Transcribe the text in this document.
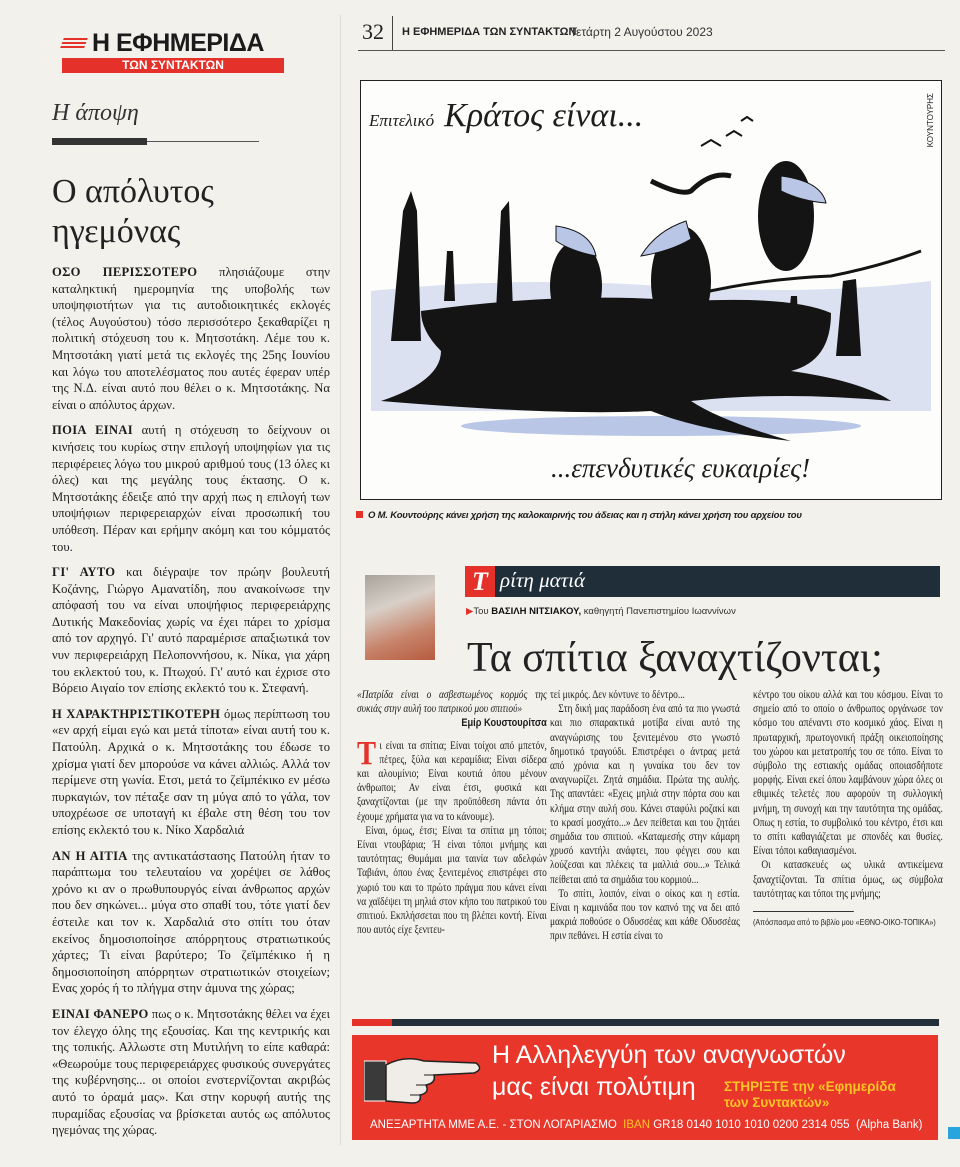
Η ΕΦΗΜΕΡΙΔΑ
ΤΩΝ ΣΥΝΤΑΚΤΩΝ
Η άποψη
Ο απόλυτος ηγεμόνας

ΟΣΟ ΠΕΡΙΣΣΟΤΕΡΟ πλησιάζουμε στην καταληκτική ημερομηνία της υποβολής των υποψηφιοτήτων για τις αυτοδιοικητικές εκλογές (τέλος Αυγούστου) τόσο περισσότερο ξεκαθαρίζει η πολιτική στόχευση του κ. Μητσοτάκη. Λέμε του κ. Μητσοτάκη γιατί μετά τις εκλογές της 25ης Ιουνίου και λόγω του αποτελέσματος που αυτές έφεραν υπέρ της Ν.Δ. είναι αυτό που θέλει ο κ. Μητσοτάκης. Να είναι ο απόλυτος άρχων.

ΠΟΙΑ ΕΙΝΑΙ αυτή η στόχευση το δείχνουν οι κινήσεις του κυρίως στην επιλογή υποψηφίων για τις περιφέρειες λόγω του μικρού αριθμού τους (13 όλες κι όλες) και της μεγάλης τους έκτασης. Ο κ. Μητσοτάκης έδειξε από την αρχή πως η επιλογή των υποψήφιων περιφερειαρχών είναι προσωπική του υπόθεση. Πέραν και ερήμην ακόμη και του κόμματός του.

ΓΙ' ΑΥΤΟ και διέγραψε τον πρώην βουλευτή Κοζάνης, Γιώργο Αμανατίδη, που ανακοίνωσε την απόφασή του να είναι υποψήφιος περιφερειάρχης Δυτικής Μακεδονίας χωρίς να έχει πάρει το χρίσμα από τον αρχηγό. Γι' αυτό παραμέρισε απαξιωτικά τον νυν περιφερειάρχη Πελοποννήσου, κ. Νίκα, για χάρη του εκλεκτού του, κ. Πτωχού. Γι' αυτό και έχρισε στο Βόρειο Αιγαίο τον επίσης εκλεκτό του κ. Στεφανή.

Η ΧΑΡΑΚΤΗΡΙΣΤΙΚΟΤΕΡΗ όμως περίπτωση του «εν αρχή είμαι εγώ και μετά τίποτα» είναι αυτή του κ. Πατούλη. Αρχικά ο κ. Μητσοτάκης του έδωσε το χρίσμα γιατί δεν μπορούσε να κάνει αλλιώς. Αλλά τον περίμενε στη γωνία. Ετσι, μετά το ζεϊμπέκικο εν μέσω πυρκαγιών, τον πέταξε σαν τη μύγα από το γάλα, τον υποχρέωσε σε υποταγή κι έβαλε στη θέση του τον επίσης εκλεκτό του κ. Νίκο Χαρδαλιά

ΑΝ Η ΑΙΤΙΑ της αντικατάστασης Πατούλη ήταν το παράπτωμα του τελευταίου να χορέψει σε λάθος χρόνο κι αν ο πρωθυπουργός είναι άνθρωπος αρχών που δεν σηκώνει... μύγα στο σπαθί του, τότε γιατί δεν έστειλε και τον κ. Χαρδαλιά στο σπίτι του όταν εκείνος δημοσιοποίησε απόρρητους στρατιωτικούς χάρτες; Τι είναι βαρύτερο; Το ζεϊμπέκικο ή η δημοσιοποίηση απόρρητων στρατιωτικών στοιχείων; Ενας χορός ή το πλήγμα στην άμυνα της χώρας;

ΕΙΝΑΙ ΦΑΝΕΡΟ πως ο κ. Μητσοτάκης θέλει να έχει τον έλεγχο όλης της εξουσίας. Και της κεντρικής και της τοπικής. Αλλωστε στη Μυτιλήνη το είπε καθαρά: «Θεωρούμε τους περιφερειάρχες φυσικούς συνεργάτες της κυβέρνησης... οι οποίοι ενστερνίζονται ακριβώς αυτό το όραμά μας». Και στην κορυφή αυτής της πυραμίδας εξουσίας να βρίσκεται αυτός ως απόλυτος ηγεμόνας της χώρας.

32 Η ΕΦΗΜΕΡΙΔΑ ΤΩΝ ΣΥΝΤΑΚΤΩΝ
Τετάρτη 2 Αυγούστου 2023
Επιτελικό Κράτος είναι...
...επενδυτικές ευκαιρίες!
ΚΟΥΝΤΟΥΡΗΣ
Ο Μ. Κουντούρης κάνει χρήση της καλοκαιρινής του άδειας και η στήλη κάνει χρήση του αρχείου του
Τ ρίτη ματιά
▶Του ΒΑΣΙΛΗ ΝΙΤΣΙΑΚΟΥ, καθηγητή Πανεπιστημίου Ιωαννίνων
Τα σπίτια ξαναχτίζονται;

«Πατρίδα είναι ο ασβεστωμένος κορμός της συκιάς στην αυλή του πατρικού μου σπιτιού»

Εμίρ Κουστουρίτσα

Τι είναι τα σπίτια; Είναι τοίχοι από μπετόν, πέτρες, ξύλα και κεραμίδια; Είναι σίδερα και αλουμίνιο; Είναι κουτιά όπου μένουν άνθρωποι; Αν είναι έτσι, φυσικά και ξαναχτίζονται (με την προϋπόθεση πάντα ότι έχουμε χρήματα για να το κάνουμε).

Είναι, όμως, έτσι; Είναι τα σπίτια μη τόποι; Είναι ντουβάρια; Ή είναι τόποι μνήμης και ταυτότητας; Θυμάμαι μια ταινία των αδελφών Ταβιάνι, όπου ένας ξενιτεμένος επιστρέφει στο χωριό του και το πρώτο πράγμα που κάνει είναι να χαϊδέψει τη μηλιά στον κήπο του πατρικού του σπιτιού. Εκπλήσσεται που τη βλέπει κοντή. Είναι που αυτός είχε ξενιτευ-

τεί μικρός. Δεν κόντυνε το δέντρο...

Στη δική μας παράδοση ένα από τα πιο γνωστά και πιο σπαρακτικά μοτίβα είναι αυτό της αναγνώρισης του ξενιτεμένου στο γνωστό δημοτικό τραγούδι. Επιστρέφει ο άντρας μετά από χρόνια και η γυναίκα του δεν τον αναγνωρίζει. Ζητά σημάδια. Πρώτα της αυλής. Της απαντάει: «Εχεις μηλιά στην πόρτα σου και κλήμα στην αυλή σου. Κάνει σταφύλι ροζακί και το κρασί μοσχάτο...» Δεν πείθεται και του ζητάει σημάδια του σπιτιού. «Καταμεσής στην κάμαρη χρυσό καντήλι ανάφτει, που φέγγει σου και λούζεσαι και πλέκεις τα μαλλιά σου...» Τελικά πείθεται από τα σημάδια του κορμιού...

Το σπίτι, λοιπόν, είναι ο οίκος και η εστία. Είναι η καμινάδα που τον καπνό της να δει από μακριά ποθούσε ο Οδυσσέας και κάθε Οδυσσέας πριν πεθάνει. Η εστία είναι το

κέντρο του οίκου αλλά και του κόσμου. Είναι το σημείο από το οποίο ο άνθρωπος οργάνωσε τον κόσμο του απέναντι στο κοσμικό χάος. Είναι η πρωταρχική, πρωτογονική πράξη οικειοποίησης του χώρου και μετατροπής του σε τόπο. Είναι το σύμβολο της εστιακής ομάδας οποιασδήποτε μορφής. Είναι εκεί όπου λαμβάνουν χώρα όλες οι εθιμικές τελετές που αφορούν τη συλλογική μνήμη, τη συνοχή και την ταυτότητα της ομάδας. Οπως η εστία, το συμβολικό του κέντρο, έτσι και το σπίτι καθαγιάζεται με σπονδές και θυσίες. Είναι τόποι καθαγιασμένοι.

Οι κατασκευές ως υλικά αντικείμενα ξαναχτίζονται. Τα σπίτια όμως, ως σύμβολα ταυτότητας και τόποι της μνήμης;

(Απόσπασμα από το βιβλίο μου «ΕΘΝΟ-ΟΙΚΟ-ΤΟΠΙΚΑ»)

Η Αλληλεγγύη των αναγνωστών
μας είναι πολύτιμη ΣΤΗΡΙΞΤΕ την «Εφημερίδα των Συντακτών»
ΑΝΕΞΑΡΤΗΤΑ ΜΜΕ Α.Ε. - ΣΤΟΝ ΛΟΓΑΡΙΑΣΜΟ IBAN GR18 0140 1010 1010 0200 2314 055 (Alpha Bank)
